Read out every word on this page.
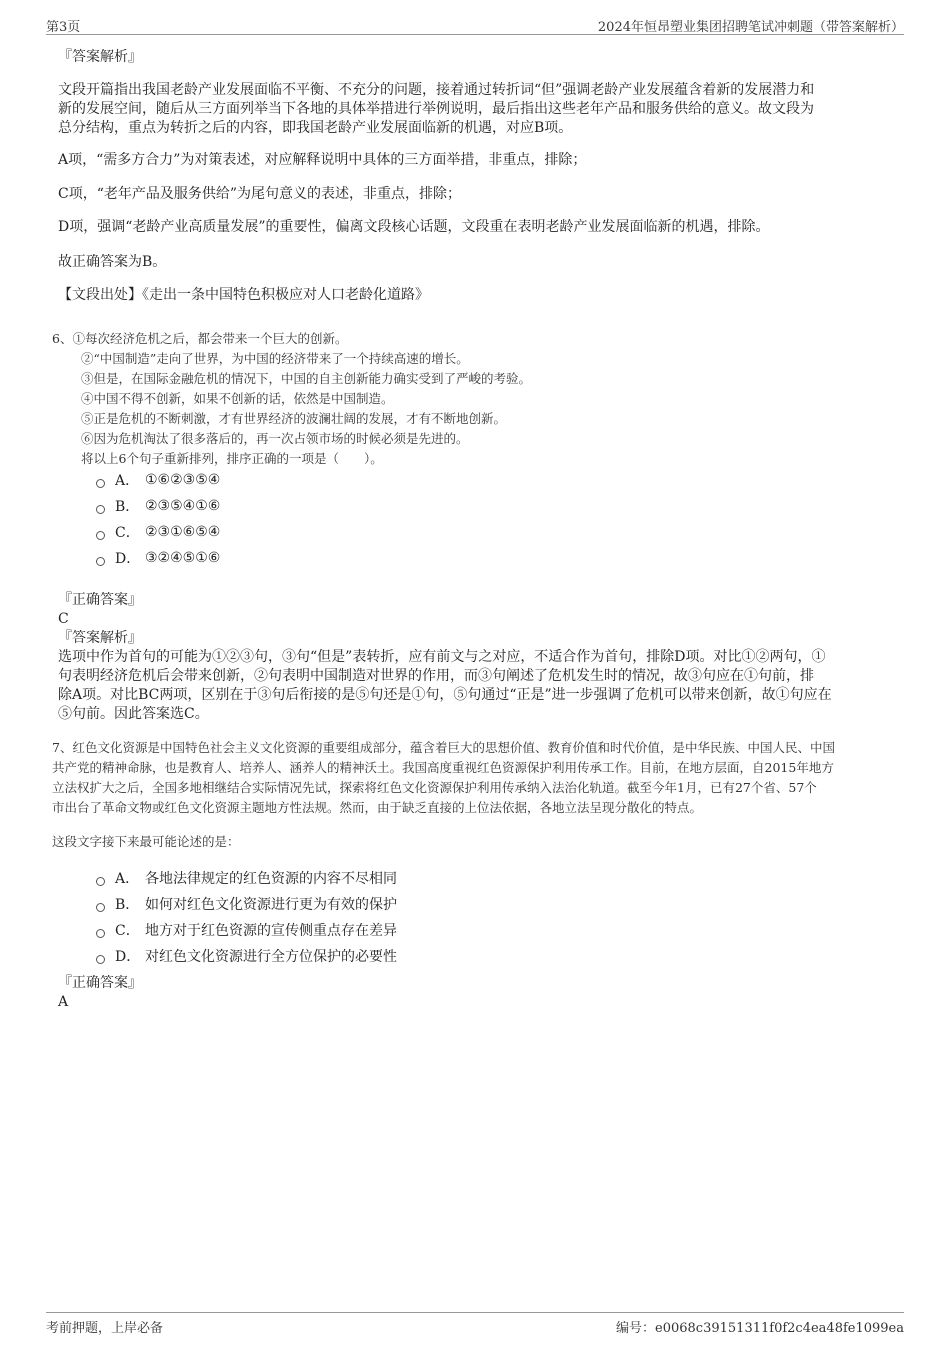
第3页	2024年恒昂塑业集团招聘笔试冲刺题（带答案解析）

『答案解析』

文段开篇指出我国老龄产业发展面临不平衡、不充分的问题，接着通过转折词“但”强调老龄产业发展蕴含着新的发展潜力和

新的发展空间，随后从三方面列举当下各地的具体举措进行举例说明，最后指出这些老年产品和服务供给的意义。故文段为

总分结构，重点为转折之后的内容，即我国老龄产业发展面临新的机遇，对应B项。

A项，“需多方合力”为对策表述，对应解释说明中具体的三方面举措，非重点，排除；

C项，“老年产品及服务供给”为尾句意义的表述，非重点，排除；

D项，强调“老龄产业高质量发展”的重要性，偏离文段核心话题，文段重在表明老龄产业发展面临新的机遇，排除。

故正确答案为B。

【文段出处】《走出一条中国特色积极应对人口老龄化道路》

6、①每次经济危机之后，都会带来一个巨大的创新。

②“中国制造”走向了世界，为中国的经济带来了一个持续高速的增长。

③但是，在国际金融危机的情况下，中国的自主创新能力确实受到了严峻的考验。

④中国不得不创新，如果不创新的话，依然是中国制造。

⑤正是危机的不断刺激，才有世界经济的波澜壮阔的发展，才有不断地创新。

⑥因为危机淘汰了很多落后的，再一次占领市场的时候必须是先进的。

将以上6个句子重新排列，排序正确的一项是（　　）。

A． ①⑥②③⑤④
B． ②③⑤④①⑥
C． ②③①⑥⑤④
D． ③②④⑤①⑥

『正确答案』

C

『答案解析』

选项中作为首句的可能为①②③句，③句“但是”表转折，应有前文与之对应，不适合作为首句，排除D项。对比①②两句，①

句表明经济危机后会带来创新，②句表明中国制造对世界的作用，而③句阐述了危机发生时的情况，故③句应在①句前，排

除A项。对比BC两项，区别在于③句后衔接的是⑤句还是①句，⑤句通过“正是”进一步强调了危机可以带来创新，故①句应在

⑤句前。因此答案选C。

7、红色文化资源是中国特色社会主义文化资源的重要组成部分，蕴含着巨大的思想价值、教育价值和时代价值，是中华民族、中国人民、中国

共产党的精神命脉，也是教育人、培养人、涵养人的精神沃土。我国高度重视红色资源保护利用传承工作。目前，在地方层面，自2015年地方

立法权扩大之后，全国多地相继结合实际情况先试，探索将红色文化资源保护利用传承纳入法治化轨道。截至今年1月，已有27个省、57个

市出台了革命文物或红色文化资源主题地方性法规。然而，由于缺乏直接的上位法依据，各地立法呈现分散化的特点。

这段文字接下来最可能论述的是：

A． 各地法律规定的红色资源的内容不尽相同
B． 如何对红色文化资源进行更为有效的保护
C． 地方对于红色资源的宣传侧重点存在差异
D． 对红色文化资源进行全方位保护的必要性

『正确答案』

A

考前押题，上岸必备	编号：e0068c39151311f0f2c4ea48fe1099ea
